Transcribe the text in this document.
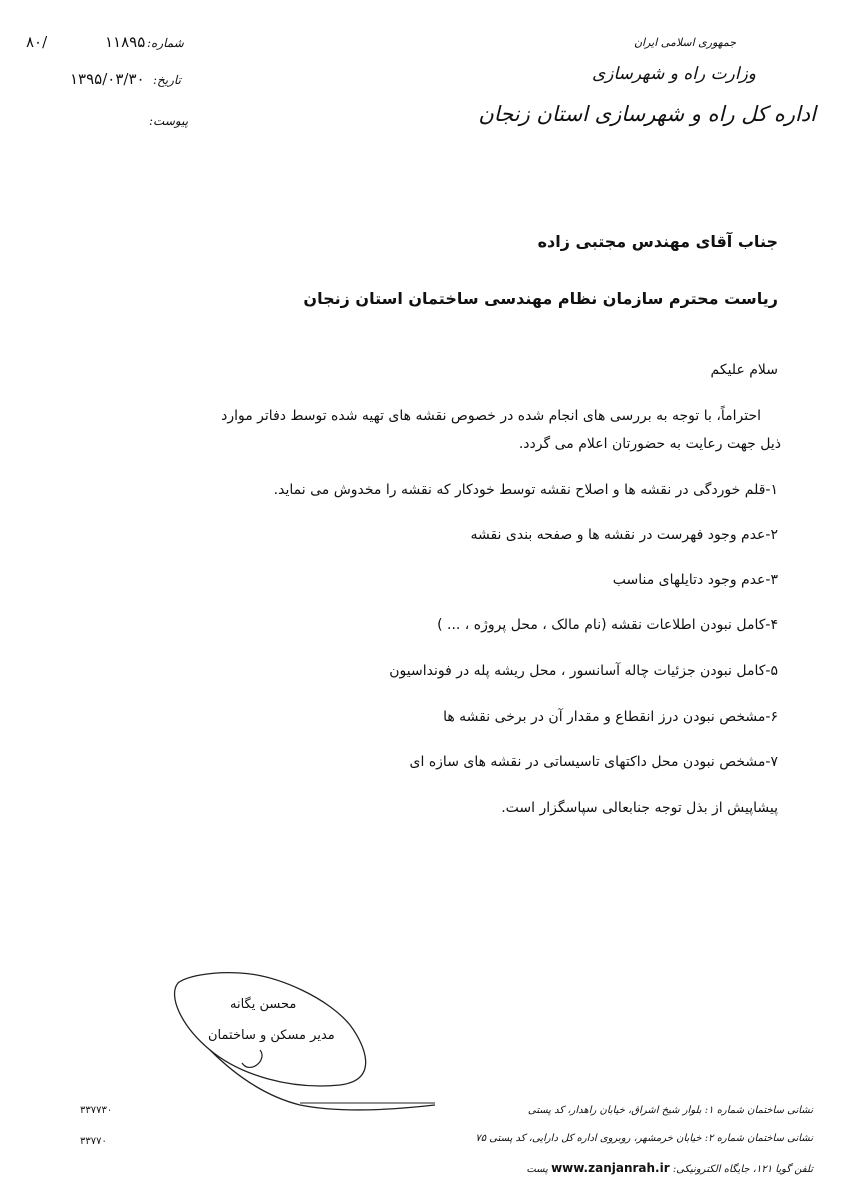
جمهوری اسلامی ایران
وزارت راه و شهرسازی
اداره کل راه و شهرسازی استان زنجان
شماره:
۱۱۸۹۵
۸۰/
تاریخ:
۱۳۹۵/۰۳/۳۰
پیوست:
جناب آقای مهندس مجتبی زاده
ریاست محترم سازمان نظام مهندسی ساختمان استان زنجان
سلام علیکم
احتراماً، با توجه به بررسی های انجام شده در خصوص نقشه های تهیه شده توسط دفاتر موارد
ذیل جهت رعایت به حضورتان اعلام می گردد.
۱-قلم خوردگی در نقشه ها و اصلاح نقشه توسط خودکار که نقشه را مخدوش می نماید.
۲-عدم وجود فهرست در نقشه ها و صفحه بندی نقشه
۳-عدم وجود دتایلهای مناسب
۴-کامل نبودن اطلاعات نقشه (نام مالک ، محل پروژه ، ... )
۵-کامل نبودن جزئیات چاله آسانسور ، محل ریشه پله در فونداسیون
۶-مشخص نبودن درز انقطاع و مقدار آن در برخی نقشه ها
۷-مشخص نبودن محل داکتهای تاسیساتی در نقشه های سازه ای
پیشاپیش از بذل توجه جنابعالی سپاسگزار است.
محسن یگانه
مدیر مسکن و ساختمان
نشانی ساختمان شماره ۱: بلوار شیخ اشراق، خیابان راهدار، کد پستی
نشانی ساختمان شماره ۲: خیابان خرمشهر، روبروی اداره کل دارایی، کد پستی ۷۵
تلفن گویا ۱۲۱، جایگاه الکترونیکی: www.zanjanrah.ir پست
۳۳۷۷۳۰
۳۳۷۷۰
